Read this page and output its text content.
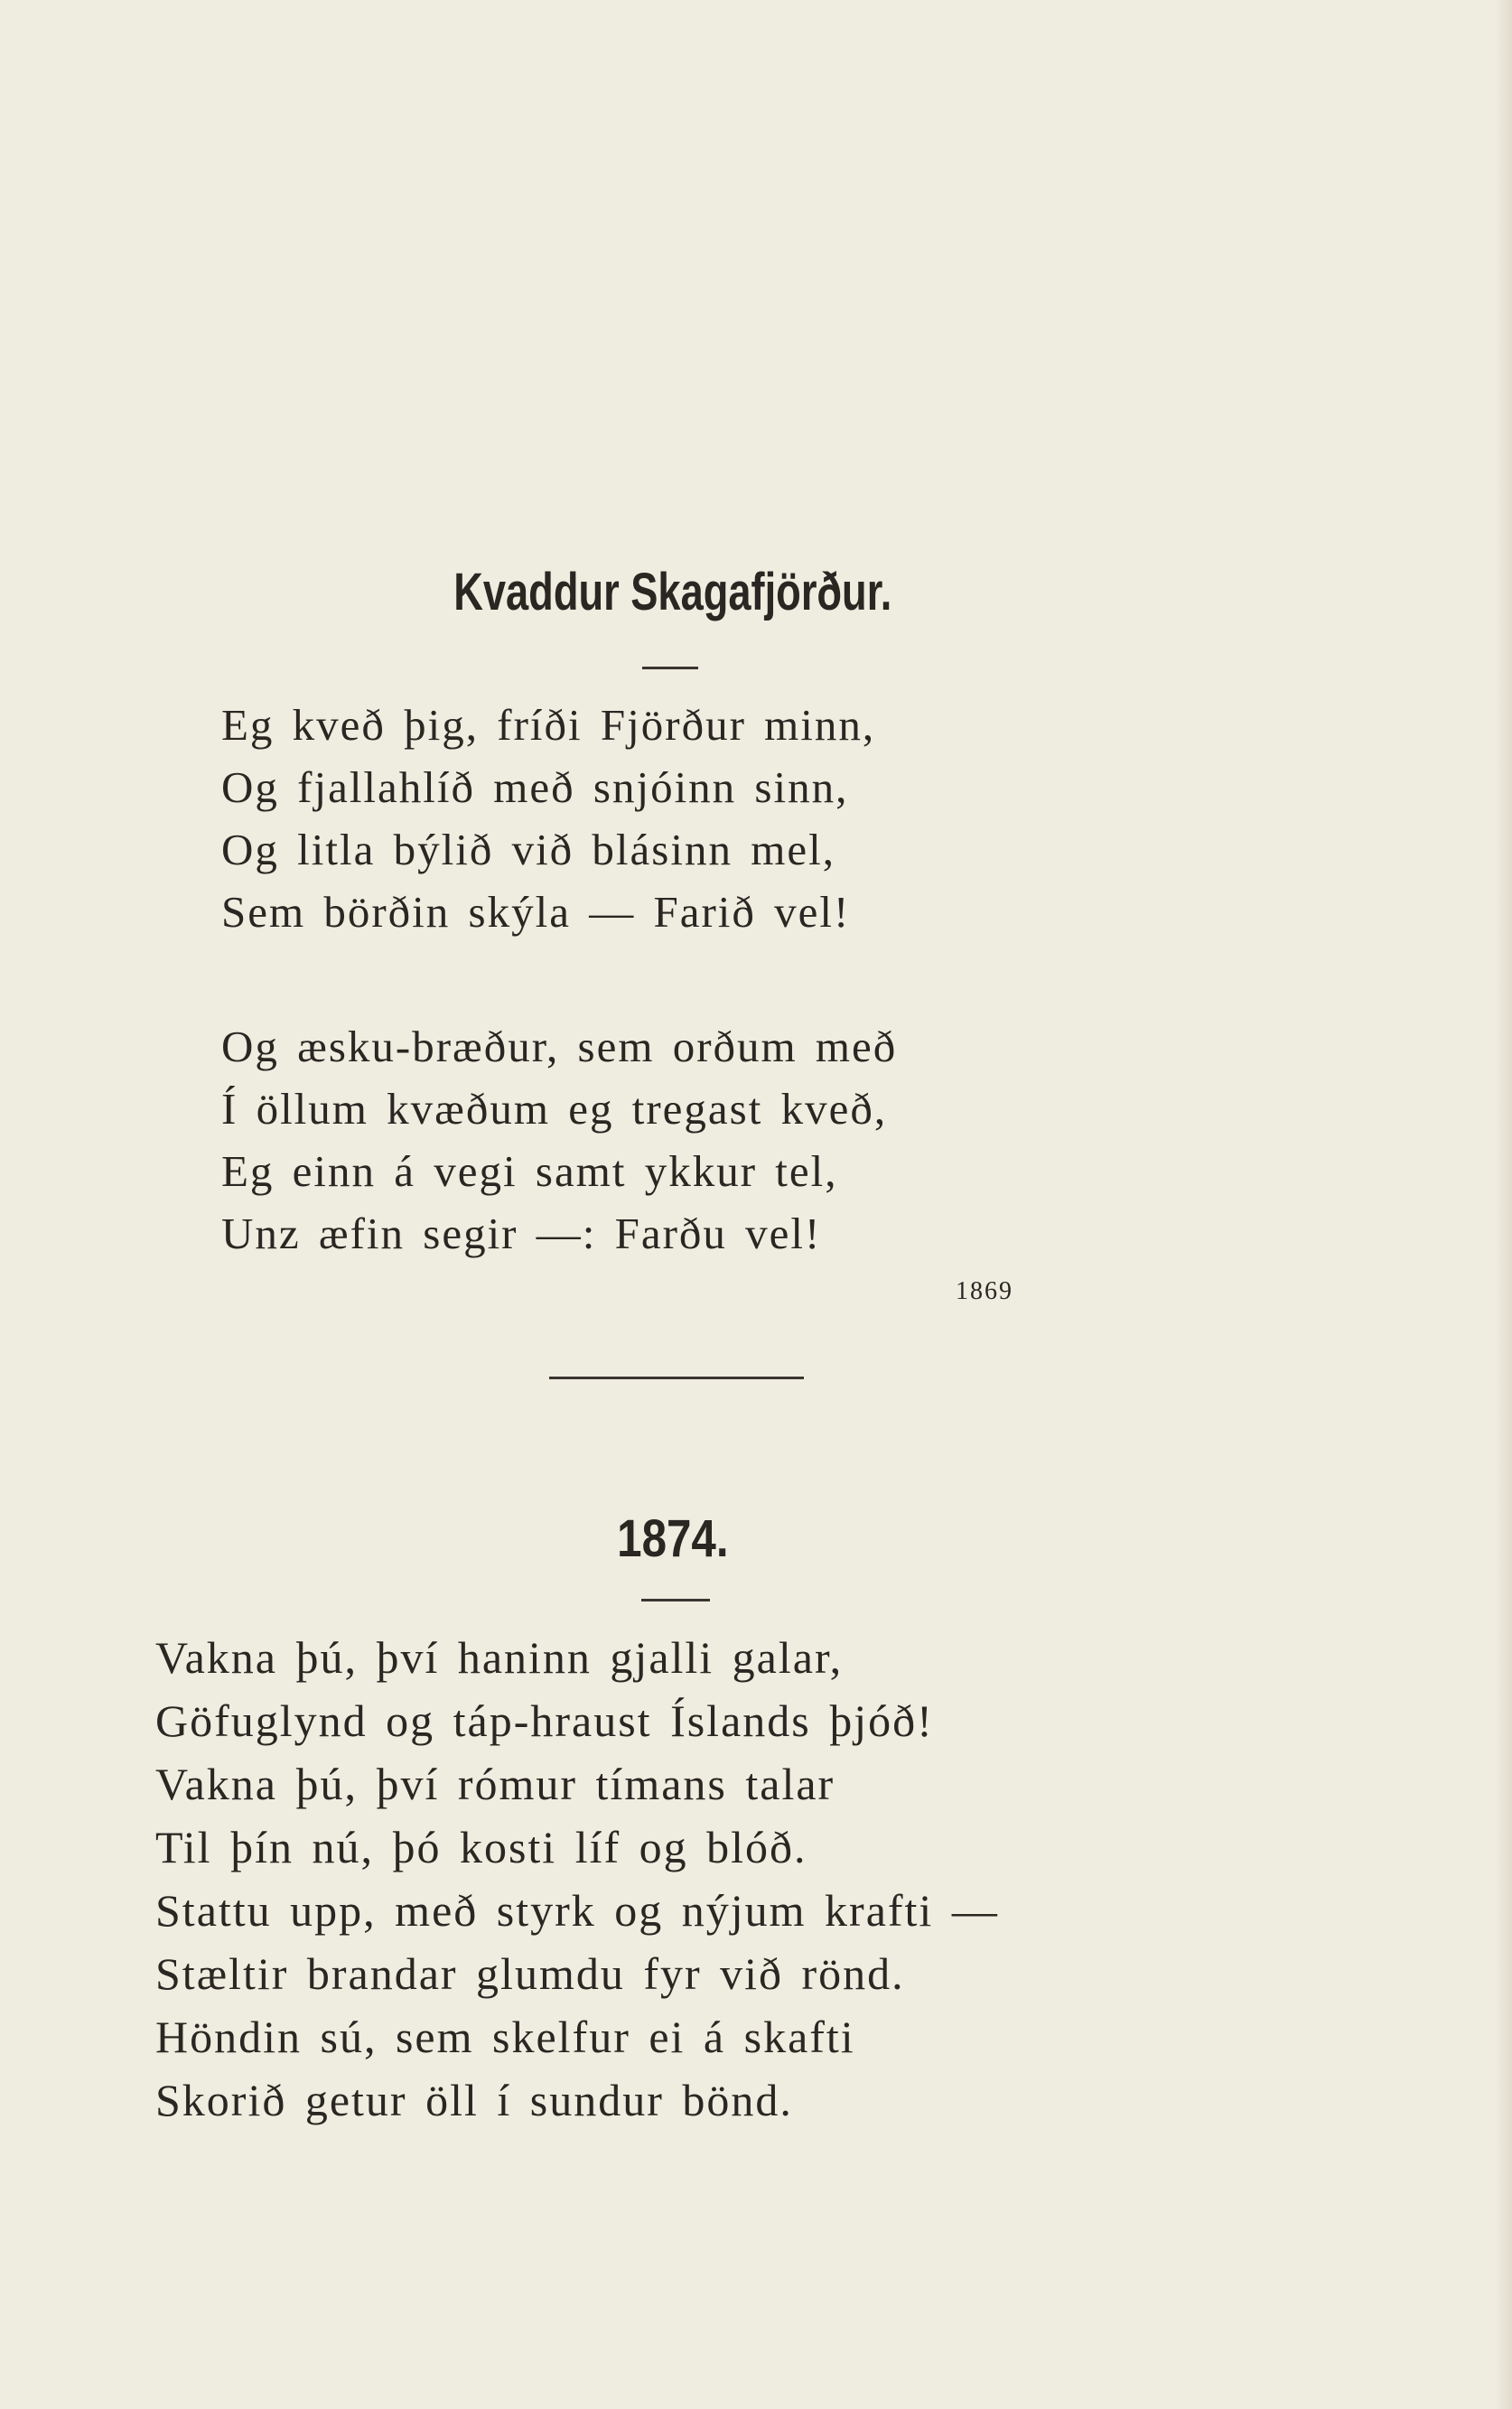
Kvaddur Skagafjörður.
Eg kveð þig, fríði Fjörður minn,
Og fjallahlíð með snjóinn sinn,
Og litla býlið við blásinn mel,
Sem börðin skýla — Farið vel!
Og æsku-bræður, sem orðum með
Í öllum kvæðum eg tregast kveð,
Eg einn á vegi samt ykkur tel,
Unz æfin segir —: Farðu vel!
1869
1874.
Vakna þú, því haninn gjalli galar,
Göfuglynd og táp-hraust Íslands þjóð!
Vakna þú, því rómur tímans talar
Til þín nú, þó kosti líf og blóð.
Stattu upp, með styrk og nýjum krafti —
Stæltir brandar glumdu fyr við rönd.
Höndin sú, sem skelfur ei á skafti
Skorið getur öll í sundur bönd.
